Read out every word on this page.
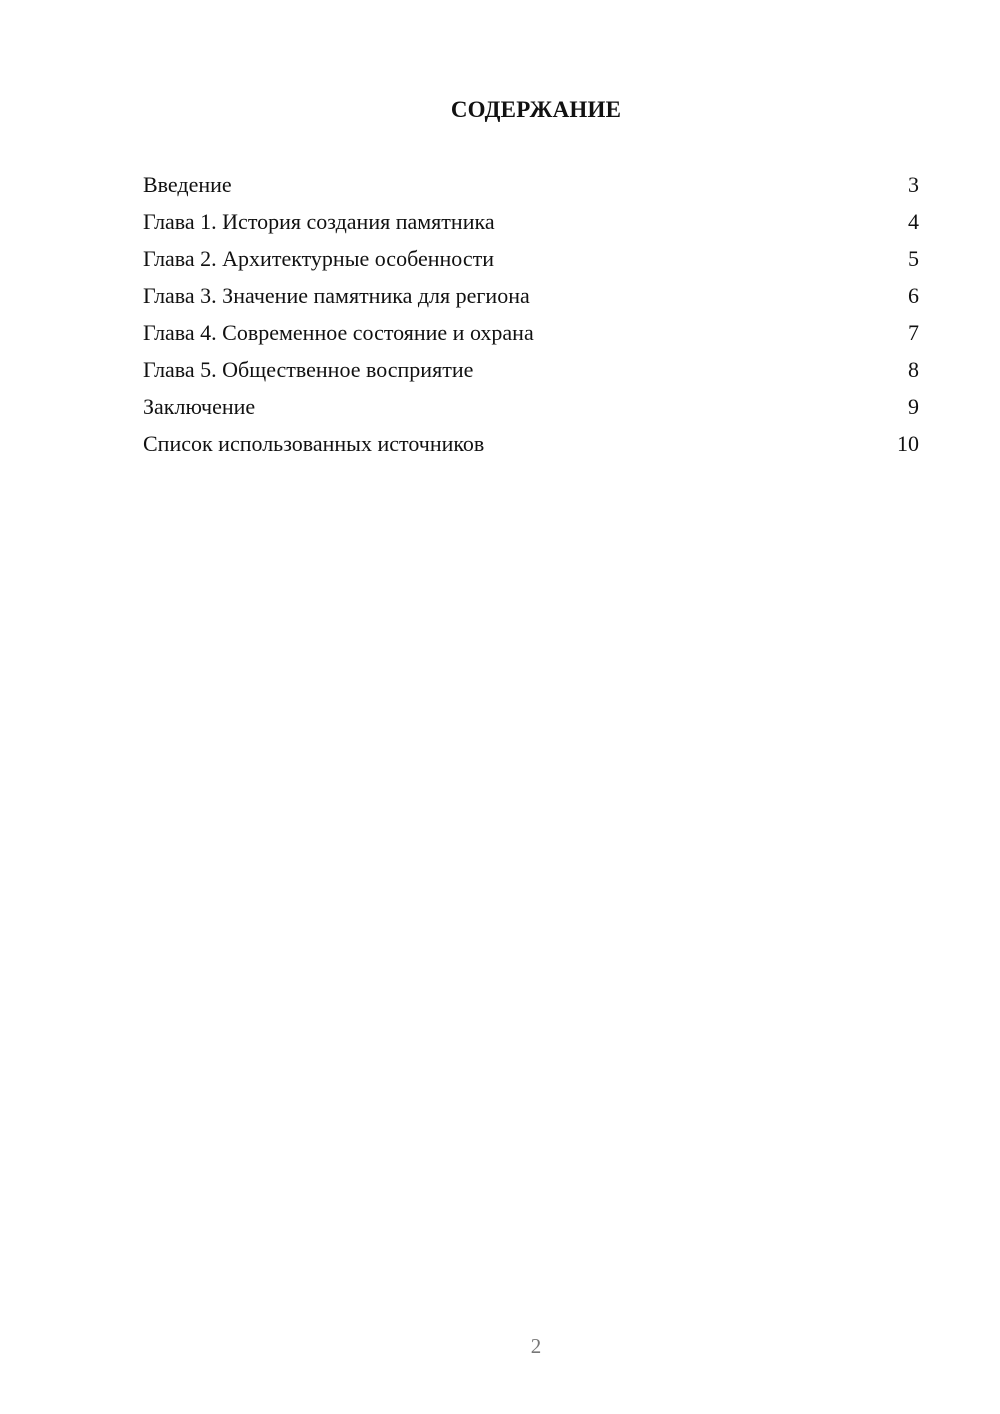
СОДЕРЖАНИЕ
Введение	3
Глава 1. История создания памятника	4
Глава 2. Архитектурные особенности	5
Глава 3. Значение памятника для региона	6
Глава 4. Современное состояние и охрана	7
Глава 5. Общественное восприятие	8
Заключение	9
Список использованных источников	10
2
